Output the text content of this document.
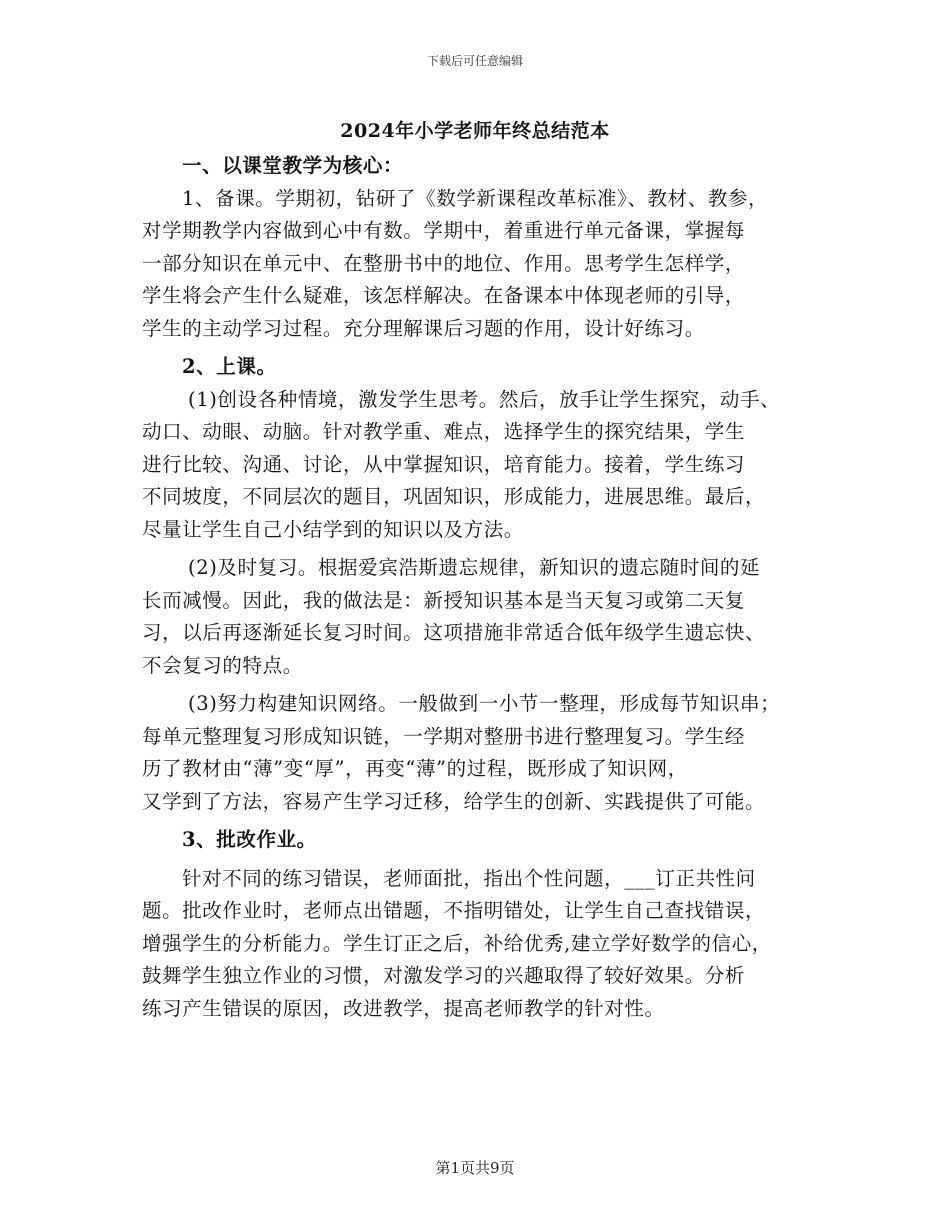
下载后可任意编辑
2024年小学老师年终总结范本
一、以课堂教学为核心：
1、备课。学期初，钻研了《数学新课程改革标准》、教材、教参，
对学期教学内容做到心中有数。学期中，着重进行单元备课，掌握每
一部分知识在单元中、在整册书中的地位、作用。思考学生怎样学，
学生将会产生什么疑难，该怎样解决。在备课本中体现老师的引导，
学生的主动学习过程。充分理解课后习题的作用，设计好练习。
2、上课。
(1)创设各种情境，激发学生思考。然后，放手让学生探究，动手、
动口、动眼、动脑。针对教学重、难点，选择学生的探究结果，学生
进行比较、沟通、讨论，从中掌握知识，培育能力。接着，学生练习
不同坡度，不同层次的题目，巩固知识，形成能力，进展思维。最后，
尽量让学生自己小结学到的知识以及方法。
(2)及时复习。根据爱宾浩斯遗忘规律，新知识的遗忘随时间的延
长而减慢。因此，我的做法是：新授知识基本是当天复习或第二天复
习，以后再逐渐延长复习时间。这项措施非常适合低年级学生遗忘快、
不会复习的特点。
(3)努力构建知识网络。一般做到一小节一整理，形成每节知识串；
每单元整理复习形成知识链，一学期对整册书进行整理复习。学生经
历了教材由“薄”变“厚”，再变“薄”的过程，既形成了知识网，
又学到了方法，容易产生学习迁移，给学生的创新、实践提供了可能。
3、批改作业。
针对不同的练习错误，老师面批，指出个性问题，___订正共性问
题。批改作业时，老师点出错题，不指明错处，让学生自己查找错误，
增强学生的分析能力。学生订正之后，补给优秀,建立学好数学的信心，
鼓舞学生独立作业的习惯，对激发学习的兴趣取得了较好效果。分析
练习产生错误的原因，改进教学，提高老师教学的针对性。
第1页共9页
